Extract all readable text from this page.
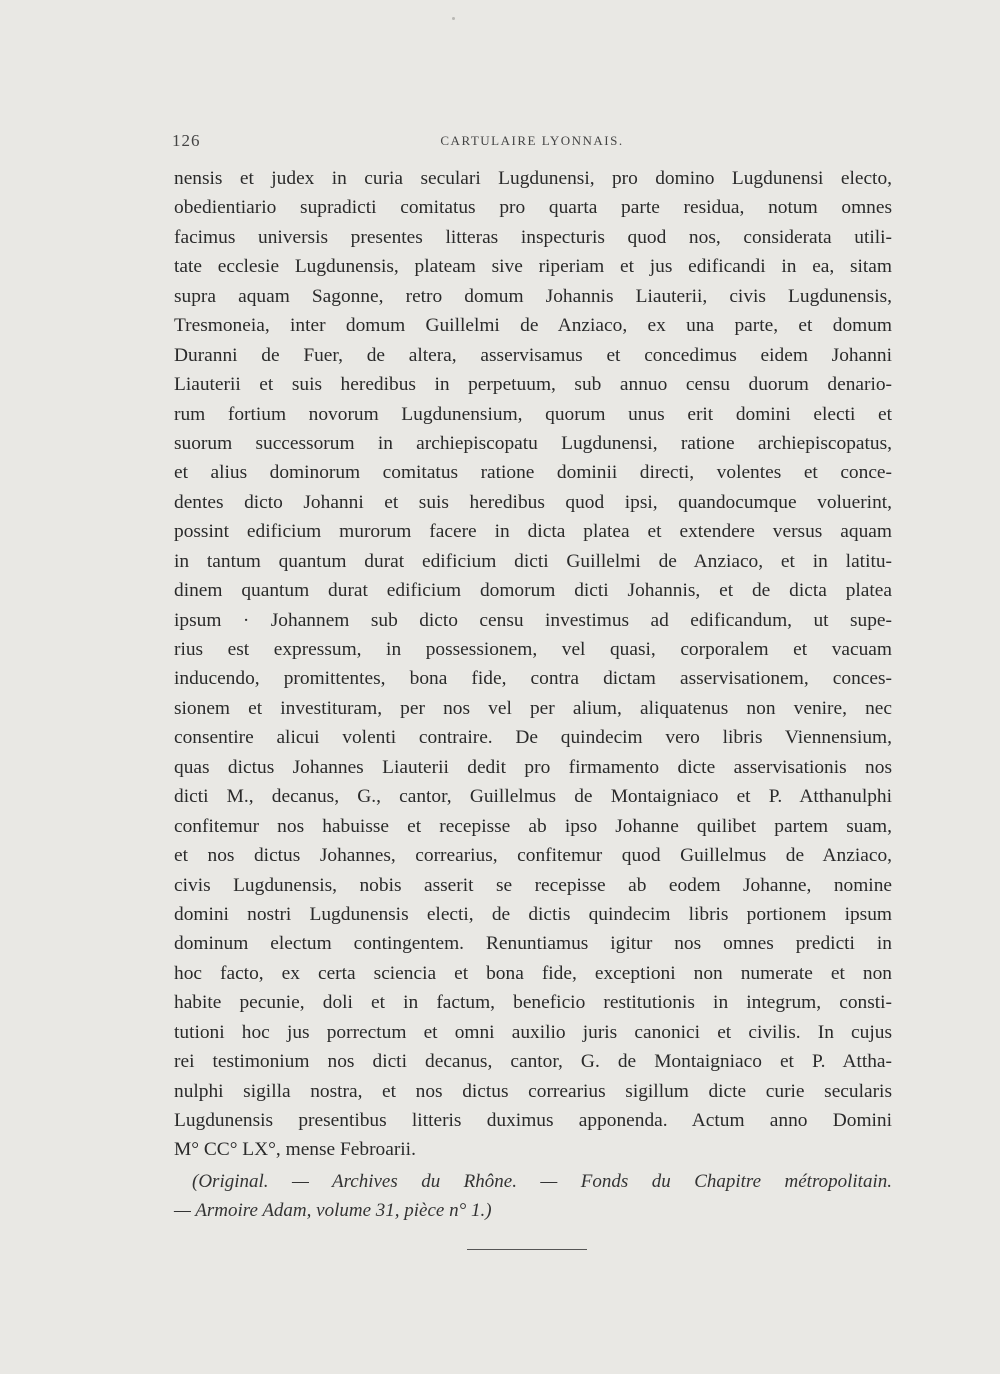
126	CARTULAIRE LYONNAIS.
nensis et judex in curia seculari Lugdunensi, pro domino Lugdunensi electo,
obedientiario supradicti comitatus pro quarta parte residua, notum omnes
facimus universis presentes litteras inspecturis quod nos, considerata utili-
tate ecclesie Lugdunensis, plateam sive riperiam et jus edificandi in ea, sitam
supra aquam Sagonne, retro domum Johannis Liauterii, civis Lugdunensis,
Tresmoneia, inter domum Guillelmi de Anziaco, ex una parte, et domum
Duranni de Fuer, de altera, asservisamus et concedimus eidem Johanni
Liauterii et suis heredibus in perpetuum, sub annuo censu duorum denario-
rum fortium novorum Lugdunensium, quorum unus erit domini electi et
suorum successorum in archiepiscopatu Lugdunensi, ratione archiepiscopatus,
et alius dominorum comitatus ratione dominii directi, volentes et conce-
dentes dicto Johanni et suis heredibus quod ipsi, quandocumque voluerint,
possint edificium murorum facere in dicta platea et extendere versus aquam
in tantum quantum durat edificium dicti Guillelmi de Anziaco, et in latitu-
dinem quantum durat edificium domorum dicti Johannis, et de dicta platea
ipsum · Johannem sub dicto censu investimus ad edificandum, ut supe-
rius est expressum, in possessionem, vel quasi, corporalem et vacuam
inducendo, promittentes, bona fide, contra dictam asservisationem, conces-
sionem et investituram, per nos vel per alium, aliquatenus non venire, nec
consentire alicui volenti contraire. De quindecim vero libris Viennensium,
quas dictus Johannes Liauterii dedit pro firmamento dicte asservisationis nos
dicti M., decanus, G., cantor, Guillelmus de Montaigniaco et P. Atthanulphi
confitemur nos habuisse et recepisse ab ipso Johanne quilibet partem suam,
et nos dictus Johannes, correarius, confitemur quod Guillelmus de Anziaco,
civis Lugdunensis, nobis asserit se recepisse ab eodem Johanne, nomine
domini nostri Lugdunensis electi, de dictis quindecim libris portionem ipsum
dominum electum contingentem. Renuntiamus igitur nos omnes predicti in
hoc facto, ex certa sciencia et bona fide, exceptioni non numerate et non
habite pecunie, doli et in factum, beneficio restitutionis in integrum, consti-
tutioni hoc jus porrectum et omni auxilio juris canonici et civilis. In cujus
rei testimonium nos dicti decanus, cantor, G. de Montaigniaco et P. Attha-
nulphi sigilla nostra, et nos dictus correarius sigillum dicte curie secularis
Lugdunensis presentibus litteris duximus apponenda. Actum anno Domini
M° CC° LX°, mense Febroarii.
(Original. — Archives du Rhône. — Fonds du Chapitre métropolitain.
— Armoire Adam, volume 31, pièce n° 1.)
